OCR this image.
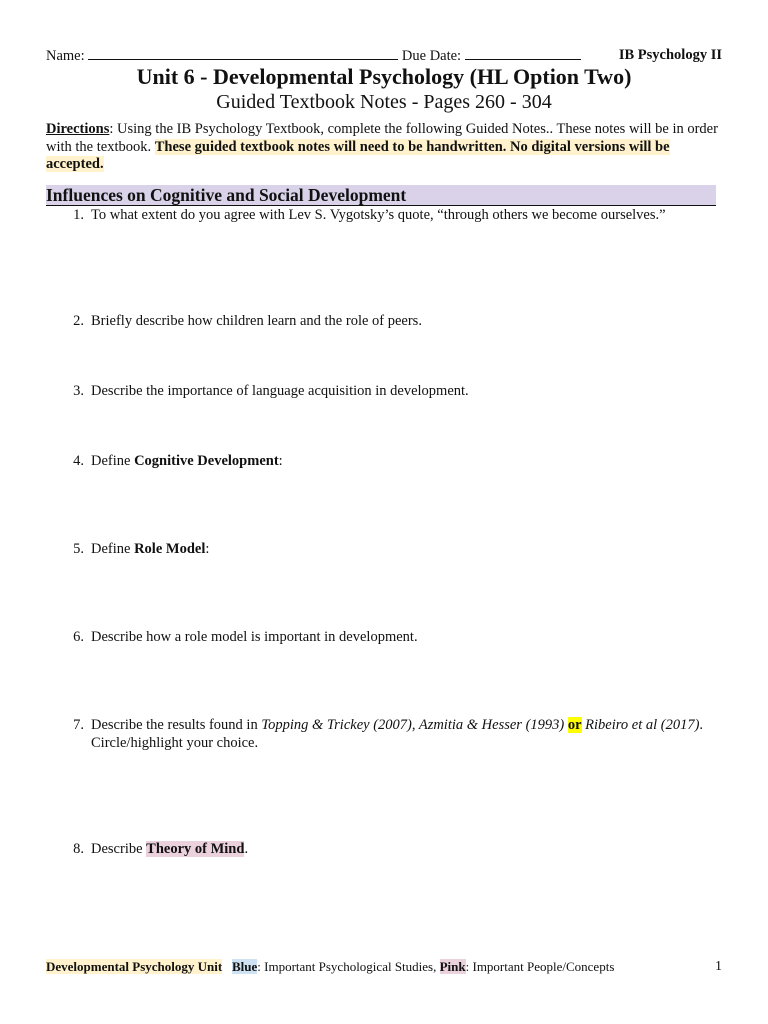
Name:	Due Date:	IB Psychology II
Unit 6 - Developmental Psychology (HL Option Two)
Guided Textbook Notes - Pages 260 - 304
Directions: Using the IB Psychology Textbook, complete the following Guided Notes.. These notes will be in order with the textbook. These guided textbook notes will need to be handwritten. No digital versions will be accepted.
Influences on Cognitive and Social Development
1. To what extent do you agree with Lev S. Vygotsky’s quote, “through others we become ourselves.”
2. Briefly describe how children learn and the role of peers.
3. Describe the importance of language acquisition in development.
4. Define Cognitive Development:
5. Define Role Model:
6. Describe how a role model is important in development.
7. Describe the results found in Topping & Trickey (2007), Azmitia & Hesser (1993) or Ribeiro et al (2017). Circle/highlight your choice.
8. Describe Theory of Mind.
Developmental Psychology Unit Blue: Important Psychological Studies, Pink: Important People/Concepts	1
